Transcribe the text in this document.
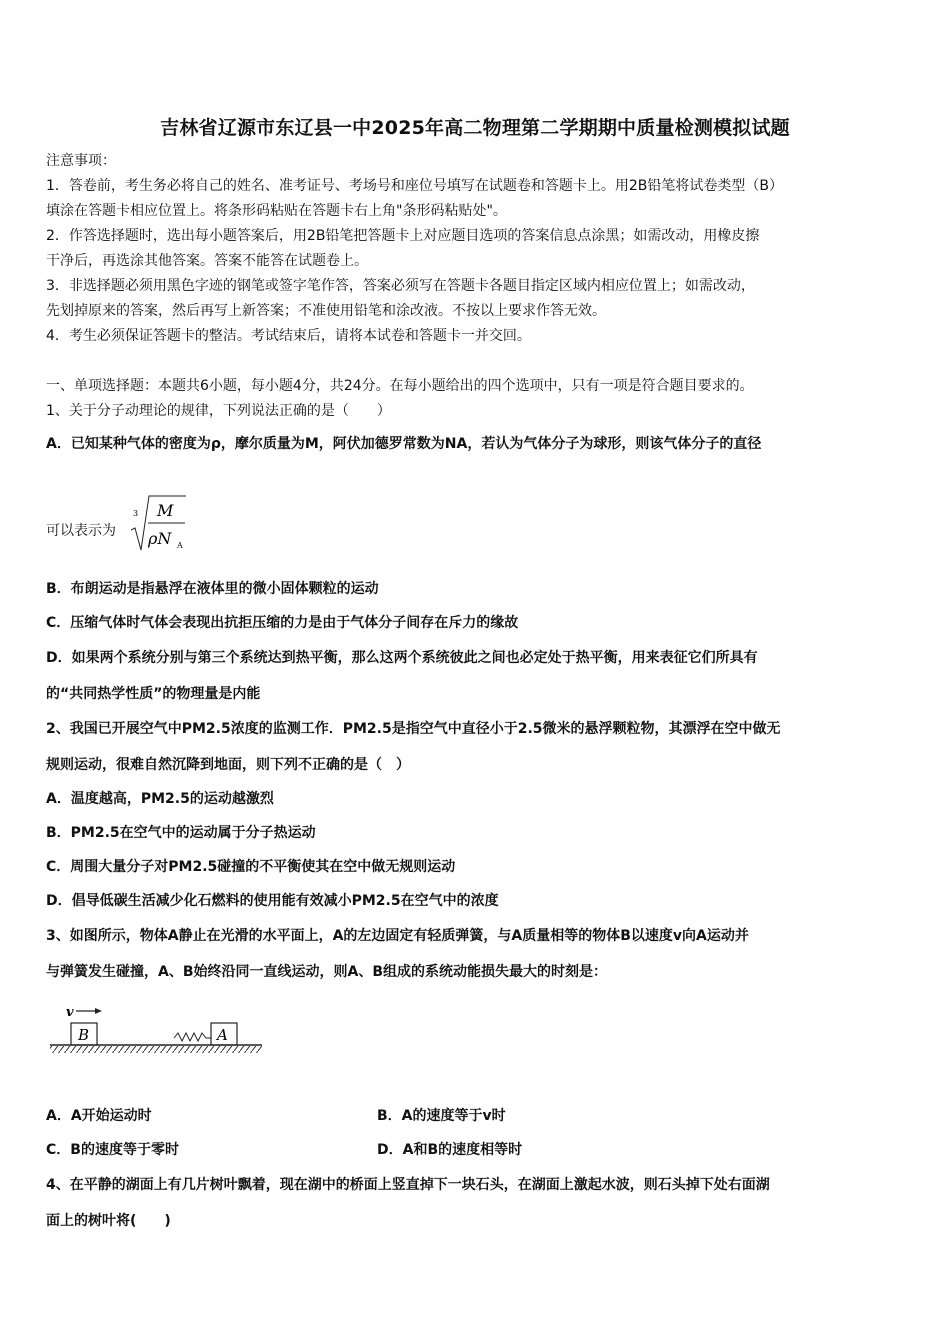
吉林省辽源市东辽县一中2025年高二物理第二学期期中质量检测模拟试题
注意事项：
1．答卷前，考生务必将自己的姓名、准考证号、考场号和座位号填写在试题卷和答题卡上。用2B铅笔将试卷类型（B）
填涂在答题卡相应位置上。将条形码粘贴在答题卡右上角"条形码粘贴处"。
2．作答选择题时，选出每小题答案后，用2B铅笔把答题卡上对应题目选项的答案信息点涂黑；如需改动，用橡皮擦
干净后，再选涂其他答案。答案不能答在试题卷上。
3．非选择题必须用黑色字迹的钢笔或签字笔作答，答案必须写在答题卡各题目指定区域内相应位置上；如需改动，
先划掉原来的答案，然后再写上新答案；不准使用铅笔和涂改液。不按以上要求作答无效。
4．考生必须保证答题卡的整洁。考试结束后，请将本试卷和答题卡一并交回。
一、单项选择题：本题共6小题，每小题4分，共24分。在每小题给出的四个选项中，只有一项是符合题目要求的。
1、关于分子动理论的规律，下列说法正确的是（　　）
A．已知某种气体的密度为ρ，摩尔质量为M，阿伏加德罗常数为NA，若认为气体分子为球形，则该气体分子的直径
可以表示为
3 M
ρN A
B．布朗运动是指悬浮在液体里的微小固体颗粒的运动
C．压缩气体时气体会表现出抗拒压缩的力是由于气体分子间存在斥力的缘故
D．如果两个系统分别与第三个系统达到热平衡，那么这两个系统彼此之间也必定处于热平衡，用来表征它们所具有
的“共同热学性质”的物理量是内能
2、我国已开展空气中PM2.5浓度的监测工作．PM2.5是指空气中直径小于2.5微米的悬浮颗粒物，其漂浮在空中做无
规则运动，很难自然沉降到地面，则下列不正确的是（　）
A．温度越高，PM2.5的运动越激烈
B．PM2.5在空气中的运动属于分子热运动
C．周围大量分子对PM2.5碰撞的不平衡使其在空中做无规则运动
D．倡导低碳生活减少化石燃料的使用能有效减小PM2.5在空气中的浓度
3、如图所示，物体A静止在光滑的水平面上，A的左边固定有轻质弹簧，与A质量相等的物体B以速度v向A运动并
与弹簧发生碰撞，A、B始终沿同一直线运动，则A、B组成的系统动能损失最大的时刻是：
v
B	A
A．A开始运动时	B．A的速度等于v时
C．B的速度等于零时	D．A和B的速度相等时
4、在平静的湖面上有几片树叶飘着，现在湖中的桥面上竖直掉下一块石头，在湖面上激起水波，则石头掉下处右面湖
面上的树叶将(　　)
